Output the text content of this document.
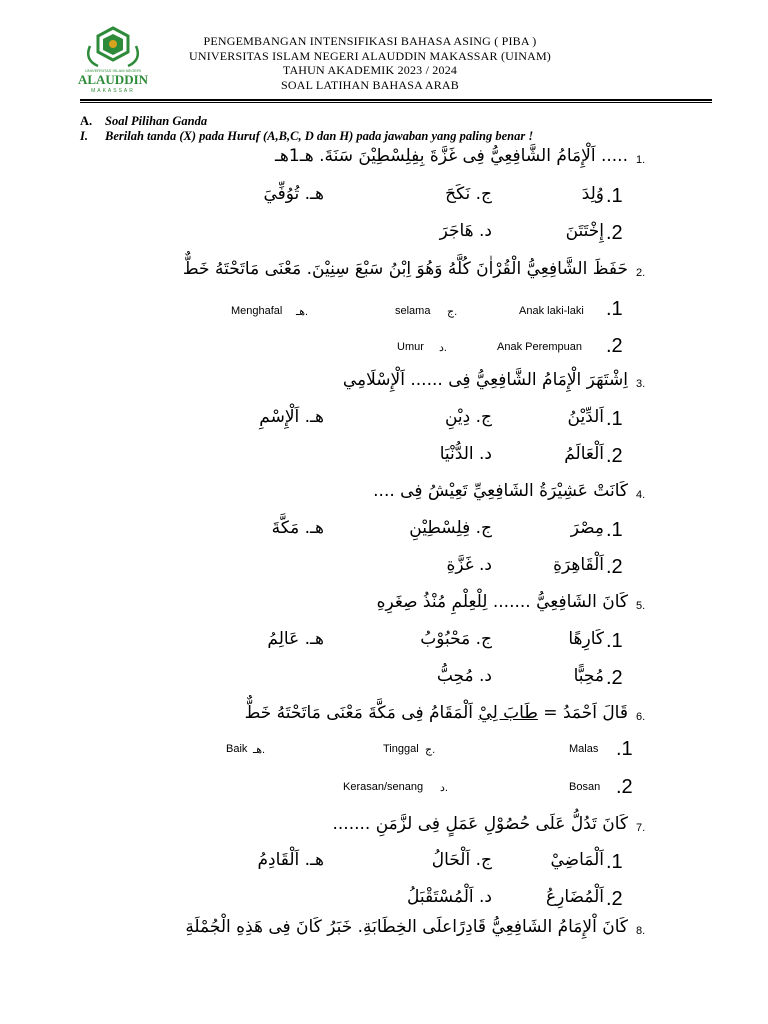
UNIVERSITAS ISLAM NEGERI
ALAUDDIN
MAKASSAR
PENGEMBANGAN INTENSIFIKASI BAHASA ASING ( PIBA )
UNIVERSITAS ISLAM NEGERI ALAUDDIN MAKASSAR (UINAM)
TAHUN AKADEMIK 2023 / 2024
SOAL LATIHAN BAHASA ARAB
A. Soal Pilihan Ganda
I. Berilah tanda (X) pada Huruf (A,B,C, D dan H) pada jawaban yang paling benar !
1.
..... اَلْإِمَامُ الشَّافِعِيُّ فِى غَزَّةَ بِفِلِسْطِيْنَ سَنَةَ. هـ1هـ
.1
وُلِدَ
ج. نَكَحَ
هـ. تُوُفِّيَ
.2
إِخْتَتَنَ
د. هَاجَرَ
2.
حَفَظَ الشَّافِعِيُّ الْقُرْاٰنَ كُلَّهُ وَهُوَ اِبْنُ سَبْعَ سِنِيْنَ. مَعْنَى مَاتَحْتَهُ خَطٌّ
.1
Anak laki-laki
ج.
selama
هـ.
Menghafal
.2
Anak Perempuan
د.
Umur
3.
اِشْتَهَرَ الْإِمَامُ الشَّافِعِيُّ فِى ...... اَلْإِسْلَامِي
.1
اَلدِّيْنُ
ج. دِيْنِ
هـ. اَلْإِسْمِ
.2
اَلْعَالَمُ
د. الدُّنْيَا
4.
كَانَتْ عَشِيْرَةُ الشَافِعِيِّ تَعِيْشُ فِى ....
.1
مِصْرَ
ج. فِلِسْطِيْنِ
هـ. مَكَّةَ
.2
اَلْقَاهِرَةِ
د. غَزَّةِ
5.
كَانَ الشَافِعِيُّ ....... لِلْعِلْمِ مُنْذُ صِغَرِهِ
.1
كَارِهًا
ج. مَحْبُوْبُ
هـ. عَالِمُ
.2
مُحِبًّا
د. مُحِبُّ
6.
قَالَ اَحْمَدُ = طَابَ لِيْ اَلْمَقَامُ فِى مَكَّةَ مَعْنَى مَاتَحْتَهُ خَطٌّ
.1
Malas
ج.
Tinggal
هـ.
Baik
.2
Bosan
د.
Kerasan/senang
7.
كَانَ تَدُلُّ عَلَى حُصُوْلِ عَمَلٍ فِى لزَّمَنِ .......
.1
اَلْمَاضِيْ
ج. اَلْحَالُ
هـ. اَلْقَادِمُ
.2
اَلْمُضَارِعُ
د. اَلْمُسْتَقْبَلُ
8.
كَانَ اْلإِمَامُ الشَافِعِيُّ قَادِرًاعلَى الخِطَابَةِ. خَبَرُ كَانَ فِى هَذِهِ الْجُمْلَةِ
